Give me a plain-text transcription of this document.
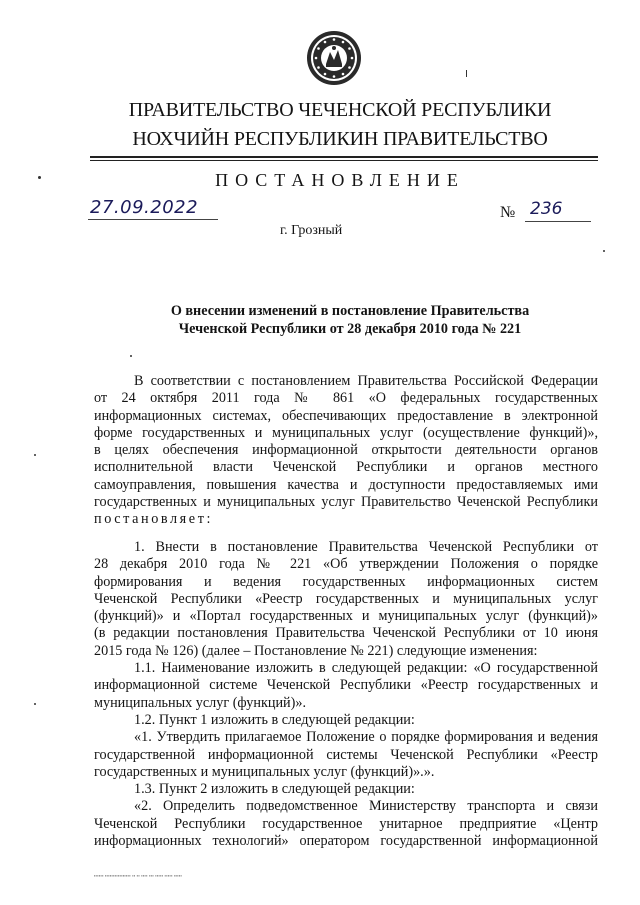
ПРАВИТЕЛЬСТВО ЧЕЧЕНСКОЙ РЕСПУБЛИКИ
НОХЧИЙН РЕСПУБЛИКИН ПРАВИТЕЛЬСТВО
ПОСТАНОВЛЕНИЕ
27.09.2022	№ 236
г. Грозный
О внесении изменений в постановление Правительства
Чеченской Республики от 28 декабря 2010 года № 221
В соответствии с постановлением Правительства Российской Федерации
от 24 октября 2011 года № 861 «О федеральных государственных
информационных системах, обеспечивающих предоставление в электронной
форме государственных и муниципальных услуг (осуществление функций)»,
в целях обеспечения информационной открытости деятельности органов
исполнительной власти Чеченской Республики и органов местного
самоуправления, повышения качества и доступности предоставляемых ими
государственных и муниципальных услуг Правительство Чеченской Республики
постановляет:
1. Внести в постановление Правительства Чеченской Республики от
28 декабря 2010 года № 221 «Об утверждении Положения о порядке
формирования и ведения государственных информационных систем
Чеченской Республики «Реестр государственных и муниципальных услуг
(функций)» и «Портал государственных и муниципальных услуг (функций)»
(в редакции постановления Правительства Чеченской Республики от 10 июня
2015 года № 126) (далее – Постановление № 221) следующие изменения:
1.1. Наименование изложить в следующей редакции: «О государственной
информационной системе Чеченской Республики «Реестр государственных и
муниципальных услуг (функций)».
1.2. Пункт 1 изложить в следующей редакции:
«1. Утвердить прилагаемое Положение о порядке формирования и ведения
государственной информационной системы Чеченской Республики «Реестр
государственных и муниципальных услуг (функций)».».
1.3. Пункт 2 изложить в следующей редакции:
«2. Определить подведомственное Министерству транспорта и связи
Чеченской Республики государственное унитарное предприятие «Центр
информационных технологий» оператором государственной информационной
▪▪▪▪▪▪ ▪▪▪▪▪▪▪▪▪▪▪▪▪▪▪▪ ▪▪ ▪▪ ▪▪▪▪ ▪▪▪ ▪▪▪▪▪ ▪▪▪▪▪ ▪▪▪▪▪
